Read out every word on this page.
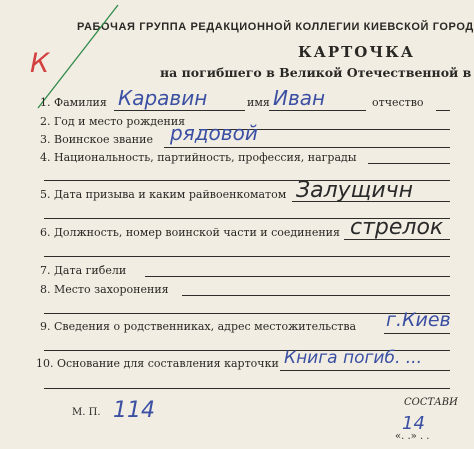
РАБОЧАЯ ГРУППА РЕДАКЦИОННОЙ КОЛЛЕГИИ КИЕВСКОЙ ГОРОД
КАРТОЧКА
на погибшего в Великой Отечественной в
К
1. Фамилия Каравин	имя Иван	отчество
2. Год и место рождения
3. Воинское звание рядовой
4. Национальность, партийность, профессия, награды
5. Дата призыва и каким райвоенкоматом Залущичн
6. Должность, номер воинской части и соединения стрелок
7. Дата гибели
8. Место захоронения
9. Сведения о родственниках, адрес местожительства г.Киев
10. Основание для составления карточки Книга погиб. ...
М. П. 114	СОСТАВИ
14
«. .» . .
